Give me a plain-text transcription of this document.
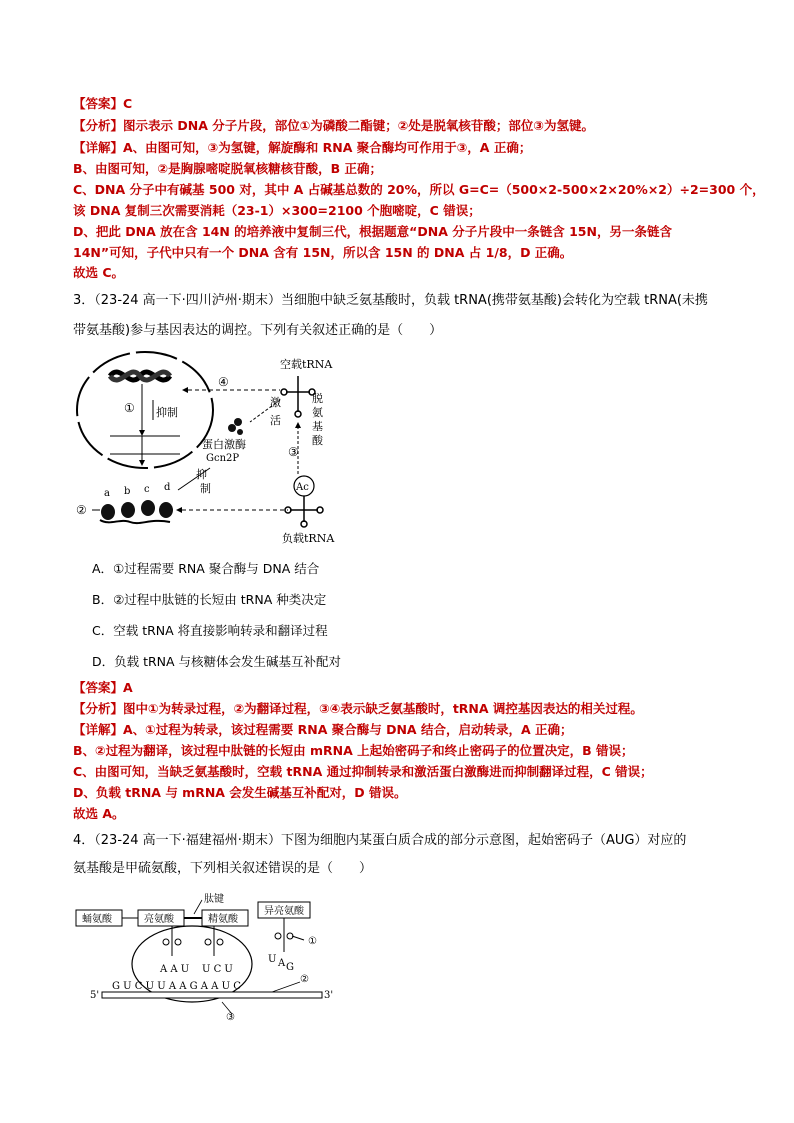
【答案】C
【分析】图示表示 DNA 分子片段，部位①为磷酸二酯键；②处是脱氧核苷酸；部位③为氢键。
【详解】A、由图可知，③为氢键，解旋酶和 RNA 聚合酶均可作用于③，A 正确；
B、由图可知，②是胸腺嘧啶脱氧核糖核苷酸，B 正确；
C、DNA 分子中有碱基 500 对，其中 A 占碱基总数的 20%，所以 G=C=（500×2-500×2×20%×2）÷2=300 个，
该 DNA 复制三次需要消耗（23-1）×300=2100 个胞嘧啶，C 错误；
D、把此 DNA 放在含 14N 的培养液中复制三代，根据题意“DNA 分子片段中一条链含 15N，另一条链含
14N”可知，子代中只有一个 DNA 含有 15N，所以含 15N 的 DNA 占 1/8，D 正确。
故选 C。
3．（23-24 高一下·四川泸州·期末）当细胞中缺乏氨基酸时，负载 tRNA(携带氨基酸)会转化为空载 tRNA(未携
带氨基酸)参与基因表达的调控。下列有关叙述正确的是（　　）
① 抑制
④
空载tRNA
激
活
蛋白激酶
Gcn2P
抑
制
③
脱
氨
基
酸
Ac
负载tRNA
②
a b c d
A．①过程需要 RNA 聚合酶与 DNA 结合
B．②过程中肽链的长短由 tRNA 种类决定
C．空载 tRNA 将直接影响转录和翻译过程
D．负载 tRNA 与核糖体会发生碱基互补配对
【答案】A
【分析】图中①为转录过程，②为翻译过程，③④表示缺乏氨基酸时，tRNA 调控基因表达的相关过程。
【详解】A、①过程为转录，该过程需要 RNA 聚合酶与 DNA 结合，启动转录，A 正确；
B、②过程为翻译，该过程中肽链的长短由 mRNA 上起始密码子和终止密码子的位置决定，B 错误；
C、由图可知，当缺乏氨基酸时，空载 tRNA 通过抑制转录和激活蛋白激酶进而抑制翻译过程，C 错误；
D、负载 tRNA 与 mRNA 会发生碱基互补配对，D 错误。
故选 A。
4．（23-24 高一下·福建福州·期末）下图为细胞内某蛋白质合成的部分示意图，起始密码子（AUG）对应的
氨基酸是甲硫氨酸，下列相关叙述错误的是（　　）
蛹氨酸	亮氨酸	精氨酸
肽键
异亮氨酸
①
A A U U C U
U A G
G U C U U A A G A A U C
5'	3'
②
③
